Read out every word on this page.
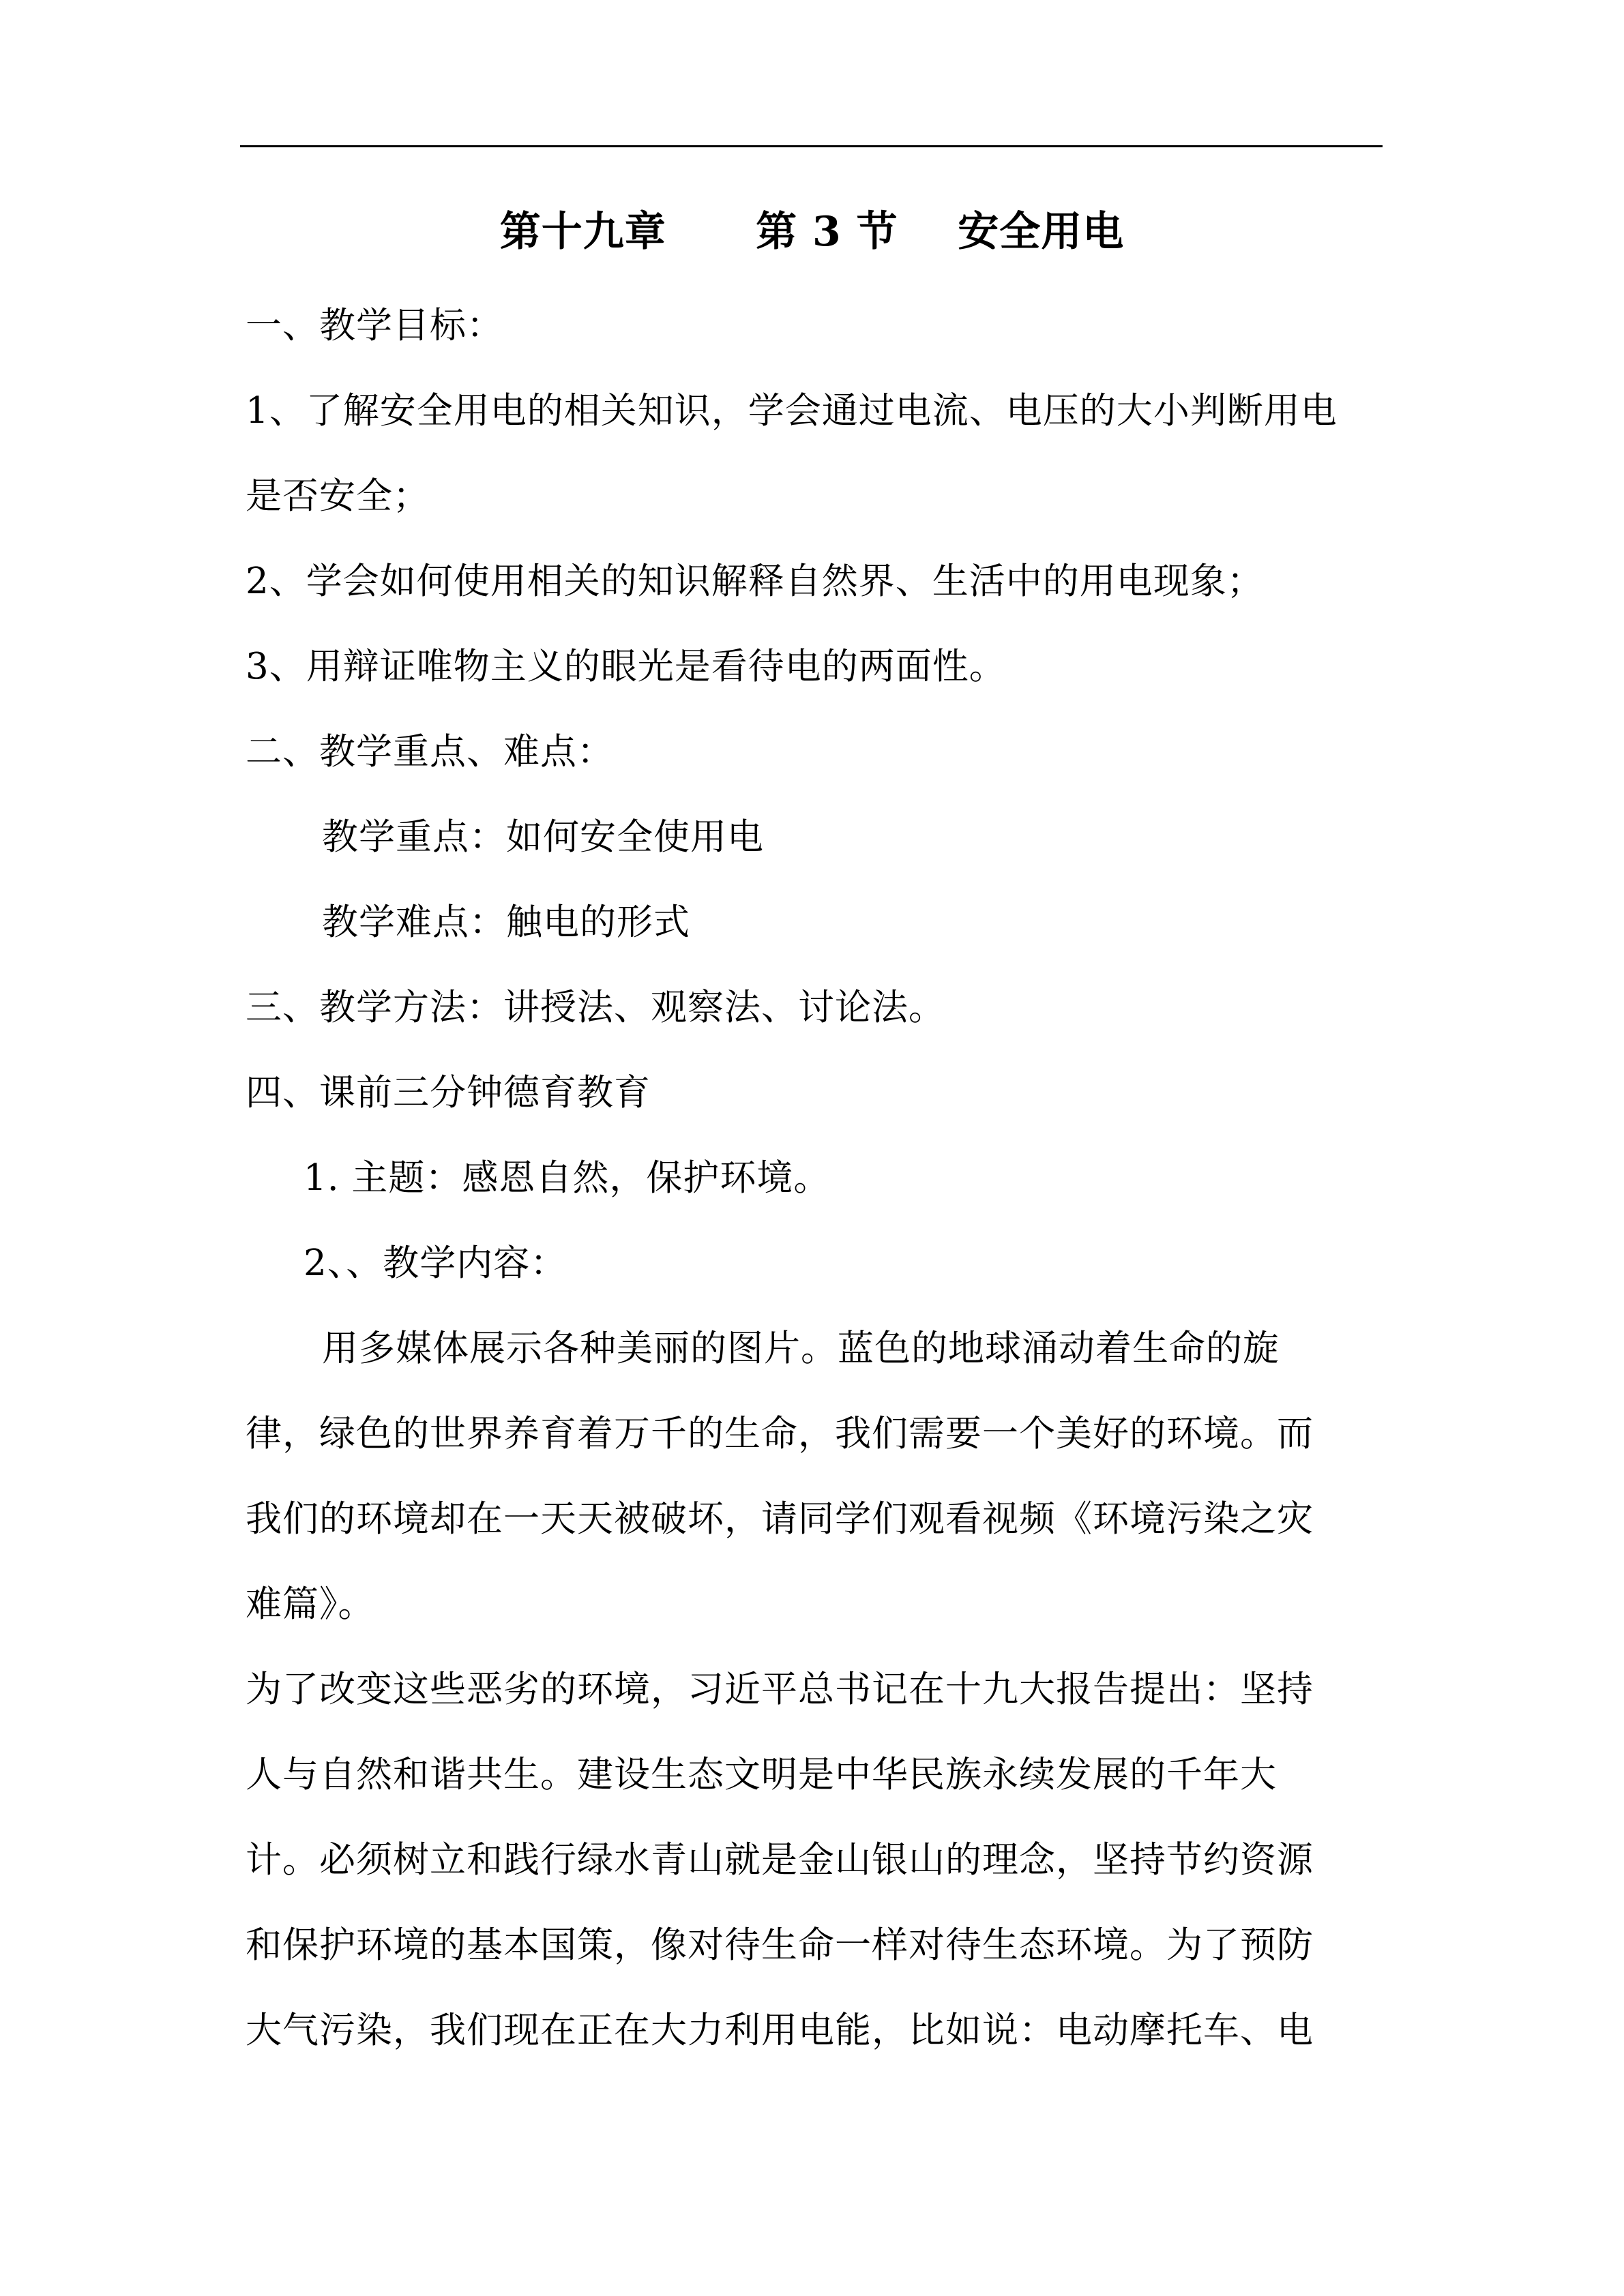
第十九章      第 3 节    安全用电
一、教学目标：
1、了解安全用电的相关知识，学会通过电流、电压的大小判断用电
是否安全；
2、学会如何使用相关的知识解释自然界、生活中的用电现象；
3、用辩证唯物主义的眼光是看待电的两面性。
二、教学重点、难点：
教学重点：如何安全使用电
教学难点：触电的形式
三、教学方法：讲授法、观察法、讨论法。
四、课前三分钟德育教育
1. 主题：感恩自然，保护环境。
2、、教学内容：
用多媒体展示各种美丽的图片。蓝色的地球涌动着生命的旋
律，绿色的世界养育着万千的生命，我们需要一个美好的环境。而
我们的环境却在一天天被破坏，请同学们观看视频《环境污染之灾
难篇》。
为了改变这些恶劣的环境，习近平总书记在十九大报告提出：坚持
人与自然和谐共生。建设生态文明是中华民族永续发展的千年大
计。必须树立和践行绿水青山就是金山银山的理念，坚持节约资源
和保护环境的基本国策，像对待生命一样对待生态环境。为了预防
大气污染，我们现在正在大力利用电能，比如说：电动摩托车、电
